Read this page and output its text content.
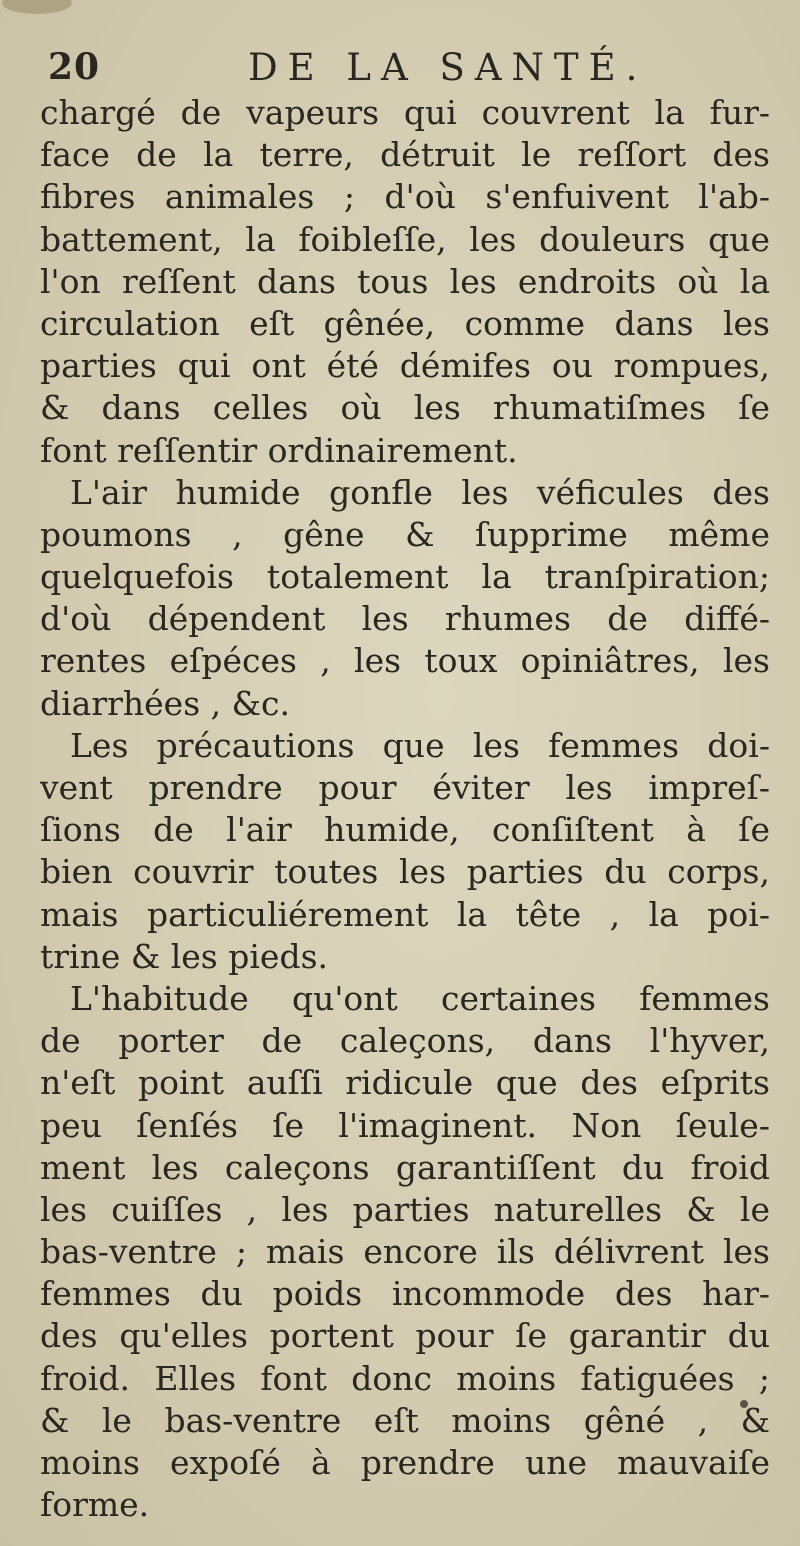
20	DE LA SANTÉ.
chargé de vapeurs qui couvrent la fur-
face de la terre, détruit le reſſort des
fibres animales ; d'où s'enfuivent l'ab-
battement, la foibleſſe, les douleurs que
l'on reſſent dans tous les endroits où la
circulation eſt gênée, comme dans les
parties qui ont été démifes ou rompues,
& dans celles où les rhumatiſmes ſe
font reſſentir ordinairement.
L'air humide gonfle les véficules des
poumons , gêne & ſupprime même
quelquefois totalement la tranſpiration;
d'où dépendent les rhumes de diffé-
rentes eſpéces , les toux opiniâtres, les
diarrhées , &c.
Les précautions que les femmes doi-
vent prendre pour éviter les impreſ-
ſions de l'air humide, conſiſtent à ſe
bien couvrir toutes les parties du corps,
mais particuliérement la tête , la poi-
trine & les pieds.
L'habitude qu'ont certaines femmes
de porter de caleçons, dans l'hyver,
n'eſt point auſſi ridicule que des eſprits
peu ſenſés ſe l'imaginent. Non ſeule-
ment les caleçons garantiſſent du froid
les cuiſſes , les parties naturelles & le
bas-ventre ; mais encore ils délivrent les
femmes du poids incommode des har-
des qu'elles portent pour ſe garantir du
froid. Elles font donc moins fatiguées ;
& le bas-ventre eſt moins gêné , &
moins expoſé à prendre une mauvaiſe
forme.
